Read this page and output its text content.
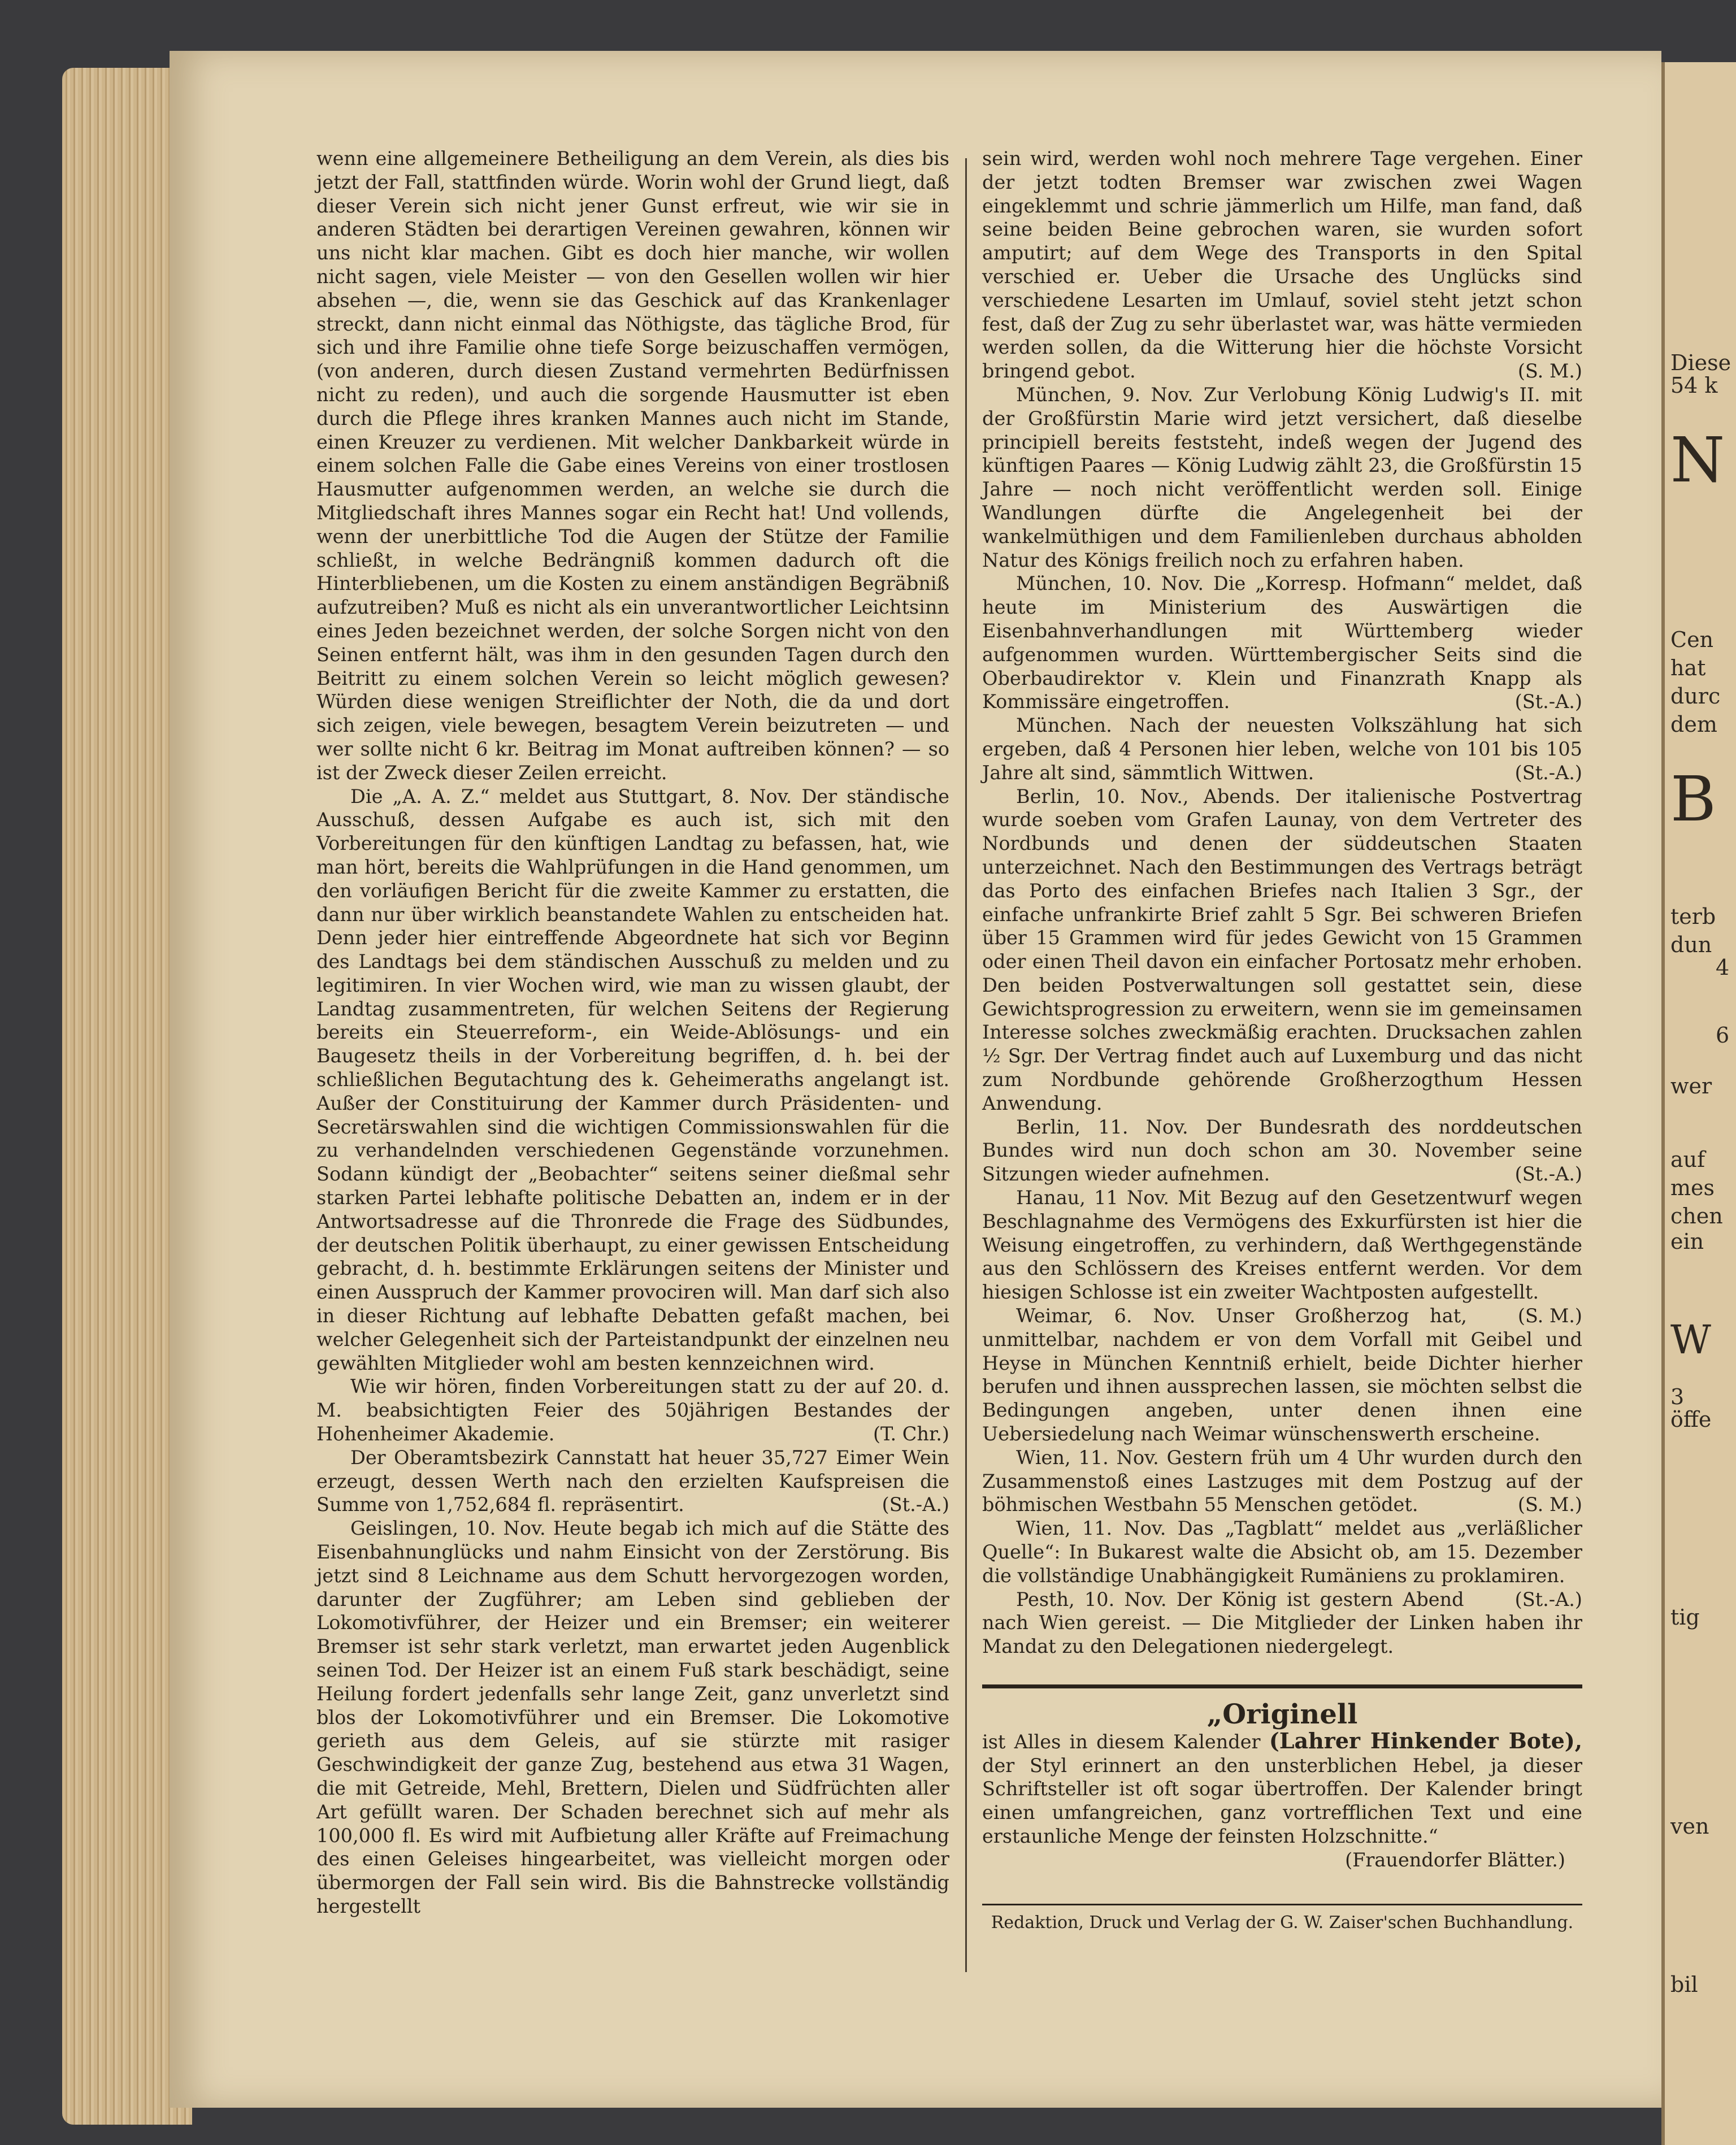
Diese
54 k
N
Cen
hat
durc
dem
B
terb
dun
4
6
wer
auf
mes
chen
ein
W
3
öffe
tig
ven
bil

wenn eine allgemeinere Betheiligung an dem Verein, als dies bis jetzt der Fall, stattfinden würde. Worin wohl der Grund liegt, daß dieser Verein sich nicht jener Gunst erfreut, wie wir sie in anderen Städten bei derartigen Vereinen gewahren, können wir uns nicht klar machen. Gibt es doch hier manche, wir wollen nicht sagen, viele Meister — von den Gesellen wollen wir hier absehen —, die, wenn sie das Geschick auf das Krankenlager streckt, dann nicht einmal das Nöthigste, das tägliche Brod, für sich und ihre Familie ohne tiefe Sorge beizuschaffen vermögen, (von anderen, durch diesen Zustand vermehrten Bedürfnissen nicht zu reden), und auch die sorgende Hausmutter ist eben durch die Pflege ihres kranken Mannes auch nicht im Stande, einen Kreuzer zu verdienen. Mit welcher Dankbarkeit würde in einem solchen Falle die Gabe eines Vereins von einer trostlosen Hausmutter aufgenommen werden, an welche sie durch die Mitgliedschaft ihres Mannes sogar ein Recht hat! Und vollends, wenn der unerbittliche Tod die Augen der Stütze der Familie schließt, in welche Bedrängniß kommen dadurch oft die Hinterbliebenen, um die Kosten zu einem anständigen Begräbniß aufzutreiben? Muß es nicht als ein unverantwortlicher Leichtsinn eines Jeden bezeichnet werden, der solche Sorgen nicht von den Seinen entfernt hält, was ihm in den gesunden Tagen durch den Beitritt zu einem solchen Verein so leicht möglich gewesen? Würden diese wenigen Streiflichter der Noth, die da und dort sich zeigen, viele bewegen, besagtem Verein beizutreten — und wer sollte nicht 6 kr. Beitrag im Monat auftreiben können? — so ist der Zweck dieser Zeilen erreicht.

Die „A. A. Z.“ meldet aus Stuttgart, 8. Nov. Der ständische Ausschuß, dessen Aufgabe es auch ist, sich mit den Vorbereitungen für den künftigen Landtag zu befassen, hat, wie man hört, bereits die Wahlprüfungen in die Hand genommen, um den vorläufigen Bericht für die zweite Kammer zu erstatten, die dann nur über wirklich beanstandete Wahlen zu entscheiden hat. Denn jeder hier eintreffende Abgeordnete hat sich vor Beginn des Landtags bei dem ständischen Ausschuß zu melden und zu legitimiren. In vier Wochen wird, wie man zu wissen glaubt, der Landtag zusammentreten, für welchen Seitens der Regierung bereits ein Steuerreform-, ein Weide-Ablösungs- und ein Baugesetz theils in der Vorbereitung begriffen, d. h. bei der schließlichen Begutachtung des k. Geheimeraths angelangt ist. Außer der Constituirung der Kammer durch Präsidenten- und Secretärswahlen sind die wichtigen Commissionswahlen für die zu verhandelnden verschiedenen Gegenstände vorzunehmen. Sodann kündigt der „Beobachter“ seitens seiner dießmal sehr starken Partei lebhafte politische Debatten an, indem er in der Antwortsadresse auf die Thronrede die Frage des Südbundes, der deutschen Politik überhaupt, zu einer gewissen Entscheidung gebracht, d. h. bestimmte Erklärungen seitens der Minister und einen Ausspruch der Kammer provociren will. Man darf sich also in dieser Richtung auf lebhafte Debatten gefaßt machen, bei welcher Gelegenheit sich der Parteistandpunkt der einzelnen neu gewählten Mitglieder wohl am besten kennzeichnen wird.

Wie wir hören, finden Vorbereitungen statt zu der auf 20. d. M. beabsichtigten Feier des 50jährigen Bestandes der Hohenheimer Akademie.	(T. Chr.)

Der Oberamtsbezirk Cannstatt hat heuer 35,727 Eimer Wein erzeugt, dessen Werth nach den erzielten Kaufspreisen die Summe von 1,752,684 fl. repräsentirt.	(St.-A.)

Geislingen, 10. Nov. Heute begab ich mich auf die Stätte des Eisenbahnunglücks und nahm Einsicht von der Zerstörung. Bis jetzt sind 8 Leichname aus dem Schutt hervorgezogen worden, darunter der Zugführer; am Leben sind geblieben der Lokomotivführer, der Heizer und ein Bremser; ein weiterer Bremser ist sehr stark verletzt, man erwartet jeden Augenblick seinen Tod. Der Heizer ist an einem Fuß stark beschädigt, seine Heilung fordert jedenfalls sehr lange Zeit, ganz unverletzt sind blos der Lokomotivführer und ein Bremser. Die Lokomotive gerieth aus dem Geleis, auf sie stürzte mit rasiger Geschwindigkeit der ganze Zug, bestehend aus etwa 31 Wagen, die mit Getreide, Mehl, Brettern, Dielen und Südfrüchten aller Art gefüllt waren. Der Schaden berechnet sich auf mehr als 100,000 fl. Es wird mit Aufbietung aller Kräfte auf Freimachung des einen Geleises hingearbeitet, was vielleicht morgen oder übermorgen der Fall sein wird. Bis die Bahnstrecke vollständig hergestellt

sein wird, werden wohl noch mehrere Tage vergehen. Einer der jetzt todten Bremser war zwischen zwei Wagen eingeklemmt und schrie jämmerlich um Hilfe, man fand, daß seine beiden Beine gebrochen waren, sie wurden sofort amputirt; auf dem Wege des Transports in den Spital verschied er. Ueber die Ursache des Unglücks sind verschiedene Lesarten im Umlauf, soviel steht jetzt schon fest, daß der Zug zu sehr überlastet war, was hätte vermieden werden sollen, da die Witterung hier die höchste Vorsicht bringend gebot.	(S. M.)

München, 9. Nov. Zur Verlobung König Ludwig's II. mit der Großfürstin Marie wird jetzt versichert, daß dieselbe principiell bereits feststeht, indeß wegen der Jugend des künftigen Paares — König Ludwig zählt 23, die Großfürstin 15 Jahre — noch nicht veröffentlicht werden soll. Einige Wandlungen dürfte die Angelegenheit bei der wankelmüthigen und dem Familienleben durchaus abholden Natur des Königs freilich noch zu erfahren haben.

München, 10. Nov. Die „Korresp. Hofmann“ meldet, daß heute im Ministerium des Auswärtigen die Eisenbahnverhandlungen mit Württemberg wieder aufgenommen wurden. Württembergischer Seits sind die Oberbaudirektor v. Klein und Finanzrath Knapp als Kommissäre eingetroffen.	(St.-A.)

München. Nach der neuesten Volkszählung hat sich ergeben, daß 4 Personen hier leben, welche von 101 bis 105 Jahre alt sind, sämmtlich Wittwen.	(St.-A.)

Berlin, 10. Nov., Abends. Der italienische Postvertrag wurde soeben vom Grafen Launay, von dem Vertreter des Nordbunds und denen der süddeutschen Staaten unterzeichnet. Nach den Bestimmungen des Vertrags beträgt das Porto des einfachen Briefes nach Italien 3 Sgr., der einfache unfrankirte Brief zahlt 5 Sgr. Bei schweren Briefen über 15 Grammen wird für jedes Gewicht von 15 Grammen oder einen Theil davon ein einfacher Portosatz mehr erhoben. Den beiden Postverwaltungen soll gestattet sein, diese Gewichtsprogression zu erweitern, wenn sie im gemeinsamen Interesse solches zweckmäßig erachten. Drucksachen zahlen ½ Sgr. Der Vertrag findet auch auf Luxemburg und das nicht zum Nordbunde gehörende Großherzogthum Hessen Anwendung.

Berlin, 11. Nov. Der Bundesrath des norddeutschen Bundes wird nun doch schon am 30. November seine Sitzungen wieder aufnehmen.	(St.-A.)

Hanau, 11 Nov. Mit Bezug auf den Gesetzentwurf wegen Beschlagnahme des Vermögens des Exkurfürsten ist hier die Weisung eingetroffen, zu verhindern, daß Werthgegenstände aus den Schlössern des Kreises entfernt werden. Vor dem hiesigen Schlosse ist ein zweiter Wachtposten aufgestellt.
(S. M.)

Weimar, 6. Nov. Unser Großherzog hat, unmittelbar, nachdem er von dem Vorfall mit Geibel und Heyse in München Kenntniß erhielt, beide Dichter hierher berufen und ihnen aussprechen lassen, sie möchten selbst die Bedingungen angeben, unter denen ihnen eine Uebersiedelung nach Weimar wünschenswerth erscheine.

Wien, 11. Nov. Gestern früh um 4 Uhr wurden durch den Zusammenstoß eines Lastzuges mit dem Postzug auf der böhmischen Westbahn 55 Menschen getödet.	(S. M.)

Wien, 11. Nov. Das „Tagblatt“ meldet aus „verläßlicher Quelle“: In Bukarest walte die Absicht ob, am 15. Dezember die vollständige Unabhängigkeit Rumäniens zu proklamiren.
(St.-A.)

Pesth, 10. Nov. Der König ist gestern Abend nach Wien gereist. — Die Mitglieder der Linken haben ihr Mandat zu den Delegationen niedergelegt.

„Originell
ist Alles in diesem Kalender (Lahrer Hinkender Bote), der Styl erinnert an den unsterblichen Hebel, ja dieser Schriftsteller ist oft sogar übertroffen. Der Kalender bringt einen umfangreichen, ganz vortrefflichen Text und eine erstaunliche Menge der feinsten Holzschnitte.“
(Frauendorfer Blätter.)
Redaktion, Druck und Verlag der G. W. Zaiser'schen Buchhandlung.
